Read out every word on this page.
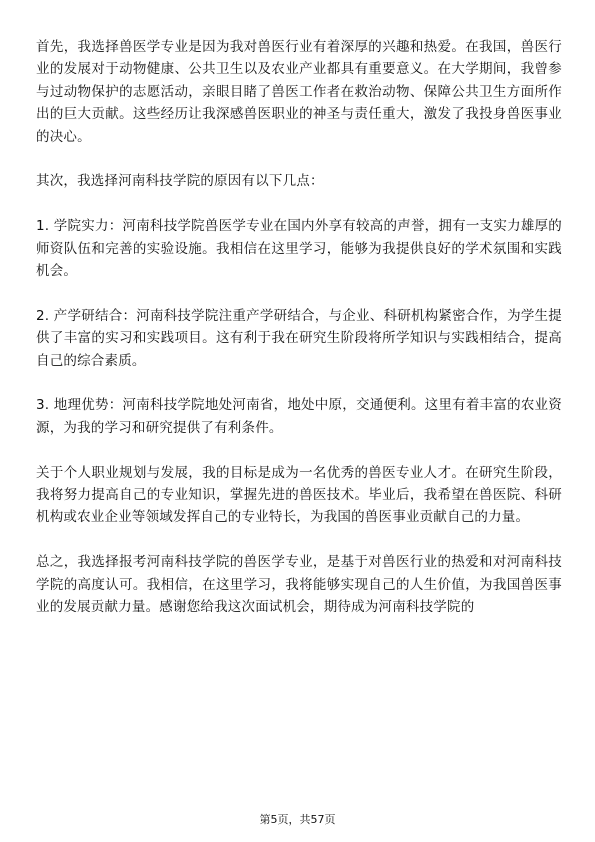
首先，我选择兽医学专业是因为我对兽医行业有着深厚的兴趣和热爱。在我国，兽医行业的发展对于动物健康、公共卫生以及农业产业都具有重要意义。在大学期间，我曾参与过动物保护的志愿活动，亲眼目睹了兽医工作者在救治动物、保障公共卫生方面所作出的巨大贡献。这些经历让我深感兽医职业的神圣与责任重大，激发了我投身兽医事业的决心。

其次，我选择河南科技学院的原因有以下几点：

1. 学院实力：河南科技学院兽医学专业在国内外享有较高的声誉，拥有一支实力雄厚的师资队伍和完善的实验设施。我相信在这里学习，能够为我提供良好的学术氛围和实践机会。

2. 产学研结合：河南科技学院注重产学研结合，与企业、科研机构紧密合作，为学生提供了丰富的实习和实践项目。这有利于我在研究生阶段将所学知识与实践相结合，提高自己的综合素质。

3. 地理优势：河南科技学院地处河南省，地处中原，交通便利。这里有着丰富的农业资源，为我的学习和研究提供了有利条件。

关于个人职业规划与发展，我的目标是成为一名优秀的兽医专业人才。在研究生阶段，我将努力提高自己的专业知识，掌握先进的兽医技术。毕业后，我希望在兽医院、科研机构或农业企业等领域发挥自己的专业特长，为我国的兽医事业贡献自己的力量。

总之，我选择报考河南科技学院的兽医学专业，是基于对兽医行业的热爱和对河南科技学院的高度认可。我相信，在这里学习，我将能够实现自己的人生价值，为我国兽医事业的发展贡献力量。感谢您给我这次面试机会，期待成为河南科技学院的

第5页，共57页
